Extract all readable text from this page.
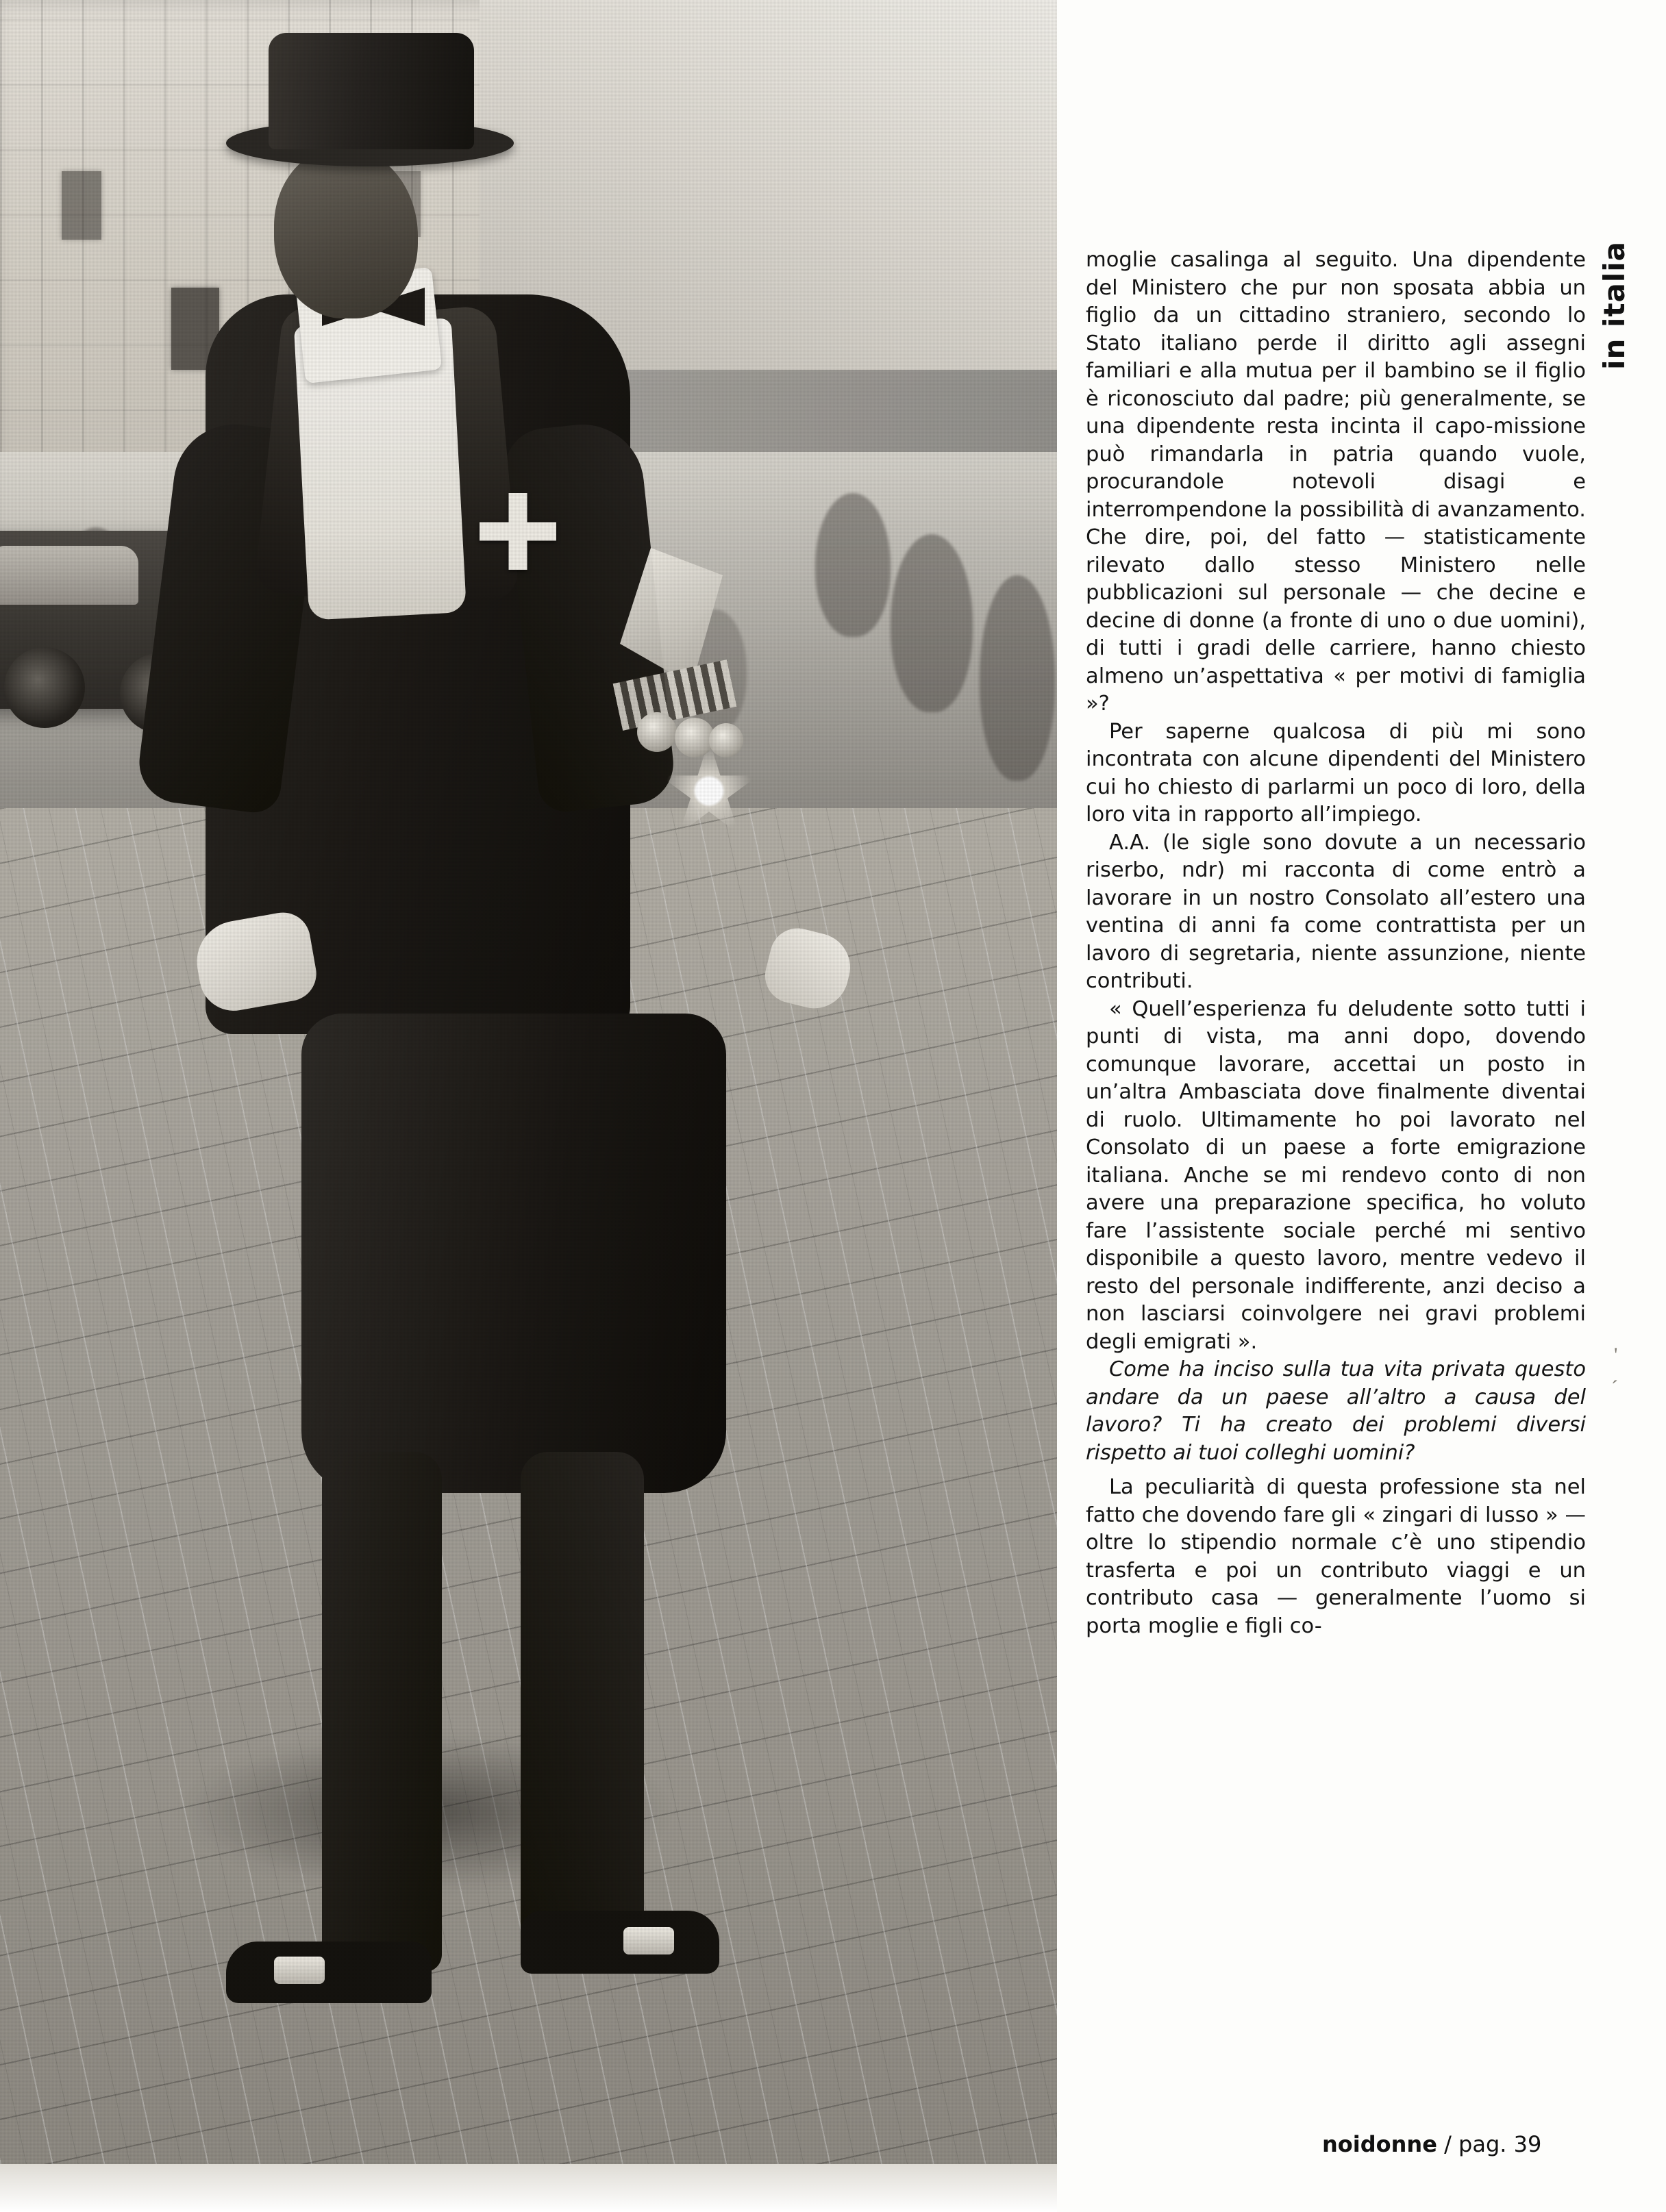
in italia

moglie casalinga al seguito. Una dipendente del Ministero che pur non sposata abbia un figlio da un cittadino straniero, secondo lo Stato italiano perde il diritto agli assegni familiari e alla mutua per il bambino se il figlio è riconosciuto dal padre; più generalmente, se una dipendente resta incinta il capo-missione può rimandarla in patria quando vuole, procurandole notevoli disagi e interrompendone la possibilità di avanzamento. Che dire, poi, del fatto — statisticamente rilevato dallo stesso Ministero nelle pubblicazioni sul personale — che decine e decine di donne (a fronte di uno o due uomini), di tutti i gradi delle carriere, hanno chiesto almeno un’aspettativa « per motivi di famiglia »?

Per saperne qualcosa di più mi sono incontrata con alcune dipendenti del Ministero cui ho chiesto di parlarmi un poco di loro, della loro vita in rapporto all’impiego.

A.A. (le sigle sono dovute a un necessario riserbo, ndr) mi racconta di come entrò a lavorare in un nostro Consolato all’estero una ventina di anni fa come contrattista per un lavoro di segretaria, niente assunzione, niente contributi.

« Quell’esperienza fu deludente sotto tutti i punti di vista, ma anni dopo, dovendo comunque lavorare, accettai un posto in un’altra Ambasciata dove finalmente diventai di ruolo. Ultimamente ho poi lavorato nel Consolato di un paese a forte emigrazione italiana. Anche se mi rendevo conto di non avere una preparazione specifica, ho voluto fare l’assistente sociale perché mi sentivo disponibile a questo lavoro, mentre vedevo il resto del personale indifferente, anzi deciso a non lasciarsi coinvolgere nei gravi problemi degli emigrati ».

Come ha inciso sulla tua vita privata questo andare da un paese all’altro a causa del lavoro? Ti ha creato dei problemi diversi rispetto ai tuoi colleghi uomini?

La peculiarità di questa professione sta nel fatto che dovendo fare gli « zingari di lusso » — oltre lo stipendio normale c’è uno stipendio trasferta e poi un contributo viaggi e un contributo casa — generalmente l’uomo si porta moglie e figli co-

'
´
noidonne / pag. 39
